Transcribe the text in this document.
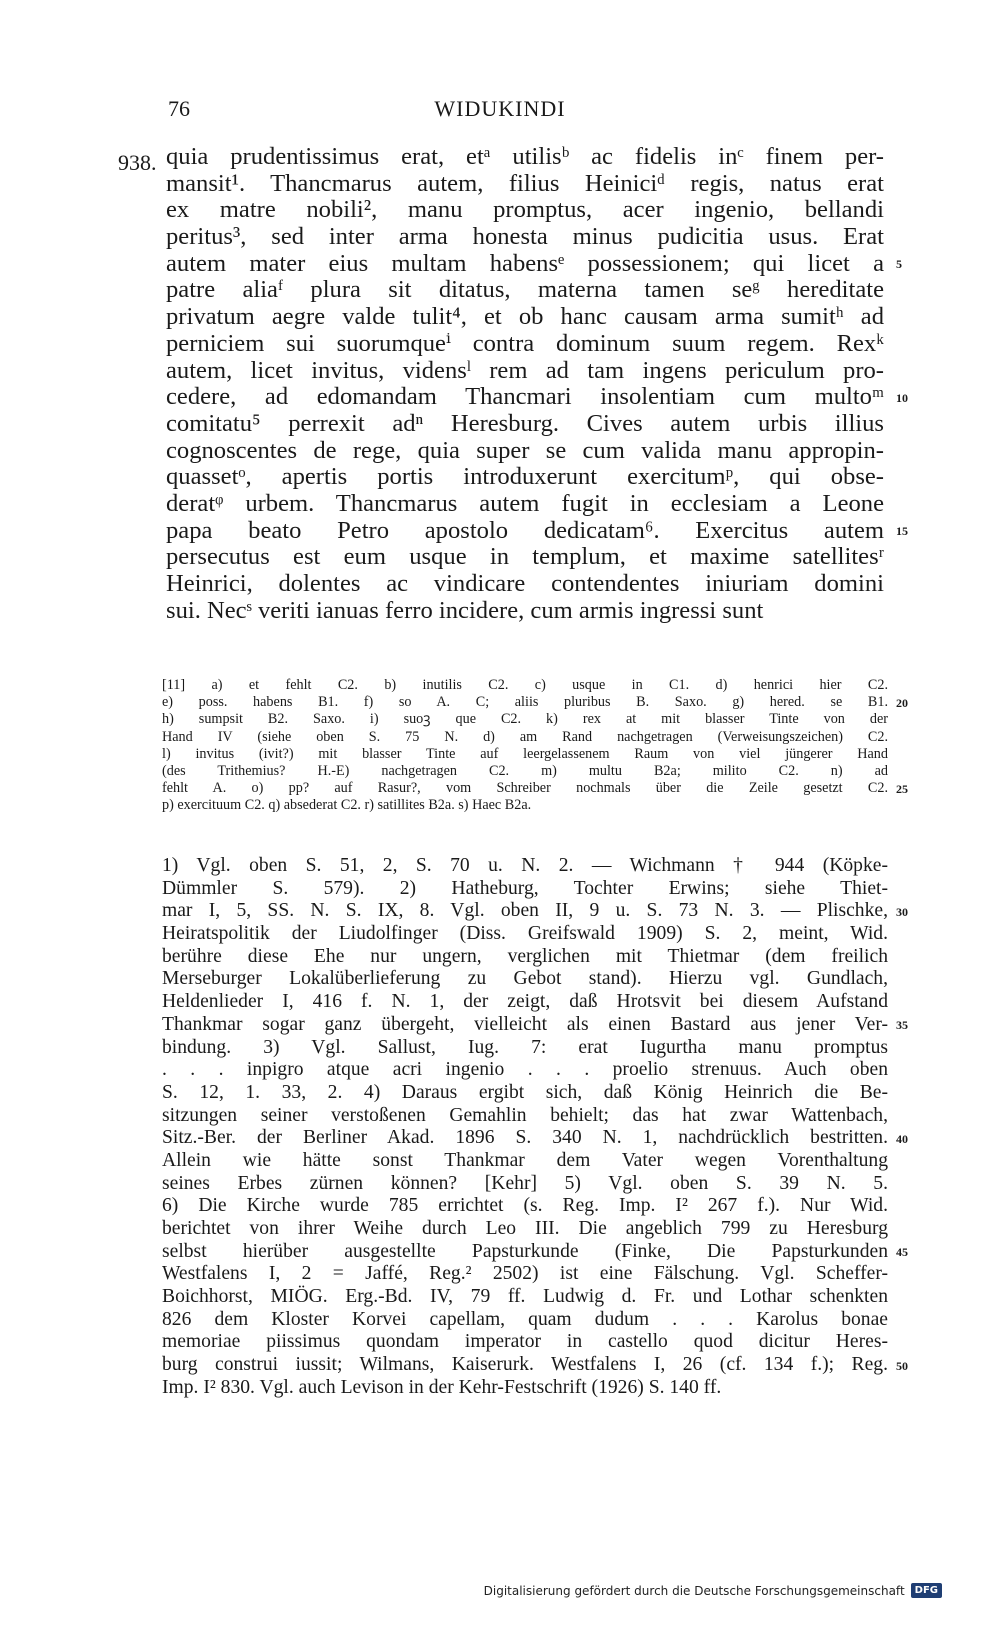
76	WIDUKINDI
938. quia prudentissimus erat, etᵃ utilisᵇ ac fidelis inᶜ finem per-
mansit¹. Thancmarus autem, filius Heiniciᵈ regis, natus erat
ex matre nobili², manu promptus, acer ingenio, bellandi
peritus³, sed inter arma honesta minus pudicitia usus. Erat
autem mater eius multam habensᵉ possessionem; qui licet a
patre aliaᶠ plura sit ditatus, materna tamen seᵍ hereditate
privatum aegre valde tulit⁴, et ob hanc causam arma sumitʰ ad
perniciem sui suorumqueⁱ contra dominum suum regem. Rexᵏ
autem, licet invitus, vidensˡ rem ad tam ingens periculum pro-
cedere, ad edomandam Thancmari insolentiam cum multoᵐ
comitatu⁵ perrexit adⁿ Heresburg. Cives autem urbis illius
cognoscentes de rege, quia super se cum valida manu appropin-
quassetᵒ, apertis portis introduxerunt exercitumᵖ, qui obse-
deratᵠ urbem. Thancmarus autem fugit in ecclesiam a Leone
papa beato Petro apostolo dedicatam⁶. Exercitus autem
persecutus est eum usque in templum, et maxime satellitesʳ
Heinrici, dolentes ac vindicare contendentes iniuriam domini
sui. Necˢ veriti ianuas ferro incidere, cum armis ingressi sunt
[11] a) et fehlt C2. b) inutilis C2. c) usque in C1. d) henrici hier C2.
e) poss. habens B1. f) so A. C; aliis pluribus B. Saxo. g) hered. se B1.
h) sumpsit B2. Saxo. i) suoꝫ que C2. k) rex at mit blasser Tinte von der
Hand IV (siehe oben S. 75 N. d) am Rand nachgetragen (Verweisungszeichen) C2.
l) invitus (ivit?) mit blasser Tinte auf leergelassenem Raum von viel jüngerer Hand
(des Trithemius? H.-E) nachgetragen C2. m) multu B2a; milito C2. n) ad
fehlt A. o) pp? auf Rasur?, vom Schreiber nochmals über die Zeile gesetzt C2.
p) exercituum C2. q) absederat C2. r) satillites B2a. s) Haec B2a.
1) Vgl. oben S. 51, 2, S. 70 u. N. 2. — Wichmann † 944 (Köpke-
Dümmler S. 579). 2) Hatheburg, Tochter Erwins; siehe Thiet-
mar I, 5, SS. N. S. IX, 8. Vgl. oben II, 9 u. S. 73 N. 3. — Plischke,
Heiratspolitik der Liudolfinger (Diss. Greifswald 1909) S. 2, meint, Wid.
berühre diese Ehe nur ungern, verglichen mit Thietmar (dem freilich
Merseburger Lokalüberlieferung zu Gebot stand). Hierzu vgl. Gundlach,
Heldenlieder I, 416 f. N. 1, der zeigt, daß Hrotsvit bei diesem Aufstand
Thankmar sogar ganz übergeht, vielleicht als einen Bastard aus jener Ver-
bindung. 3) Vgl. Sallust, Iug. 7: erat Iugurtha manu promptus
. . . inpigro atque acri ingenio . . . proelio strenuus. Auch oben
S. 12, 1. 33, 2. 4) Daraus ergibt sich, daß König Heinrich die Be-
sitzungen seiner verstoßenen Gemahlin behielt; das hat zwar Wattenbach,
Sitz.-Ber. der Berliner Akad. 1896 S. 340 N. 1, nachdrücklich bestritten.
Allein wie hätte sonst Thankmar dem Vater wegen Vorenthaltung
seines Erbes zürnen können? [Kehr] 5) Vgl. oben S. 39 N. 5.
6) Die Kirche wurde 785 errichtet (s. Reg. Imp. I² 267 f.). Nur Wid.
berichtet von ihrer Weihe durch Leo III. Die angeblich 799 zu Heresburg
selbst hierüber ausgestellte Papsturkunde (Finke, Die Papsturkunden
Westfalens I, 2 = Jaffé, Reg.² 2502) ist eine Fälschung. Vgl. Scheffer-
Boichhorst, MIÖG. Erg.-Bd. IV, 79 ff. Ludwig d. Fr. und Lothar schenkten
826 dem Kloster Korvei capellam, quam dudum . . . Karolus bonae
memoriae piissimus quondam imperator in castello quod dicitur Heres-
burg construi iussit; Wilmans, Kaiserurk. Westfalens I, 26 (cf. 134 f.); Reg.
Imp. I² 830. Vgl. auch Levison in der Kehr-Festschrift (1926) S. 140 ff.
Digitalisierung gefördert durch die Deutsche Forschungsgemeinschaft	DFG
5
10
15
20
25
30
35
40
45
50
